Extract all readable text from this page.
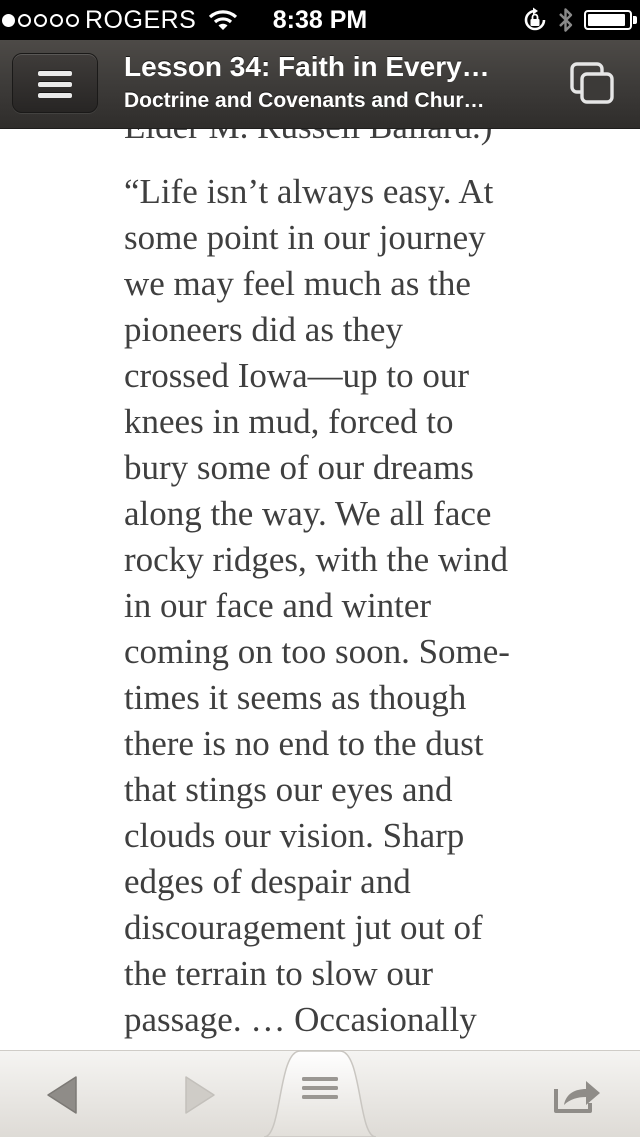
ROGERS	8:38 PM
Lesson 34: Faith in Every…
Doctrine and Covenants and Chur…

“Life isn’t always easy. At
some point in our journey
we may feel much as the
pioneers did as they
crossed Iowa—up to our
knees in mud, forced to
bury some of our dreams
along the way. We all face
rocky ridges, with the wind
in our face and winter
coming on too soon. Some-
times it seems as though
there is no end to the dust
that stings our eyes and
clouds our vision. Sharp
edges of despair and
discouragement jut out of
the terrain to slow our
passage. … Occasionally
